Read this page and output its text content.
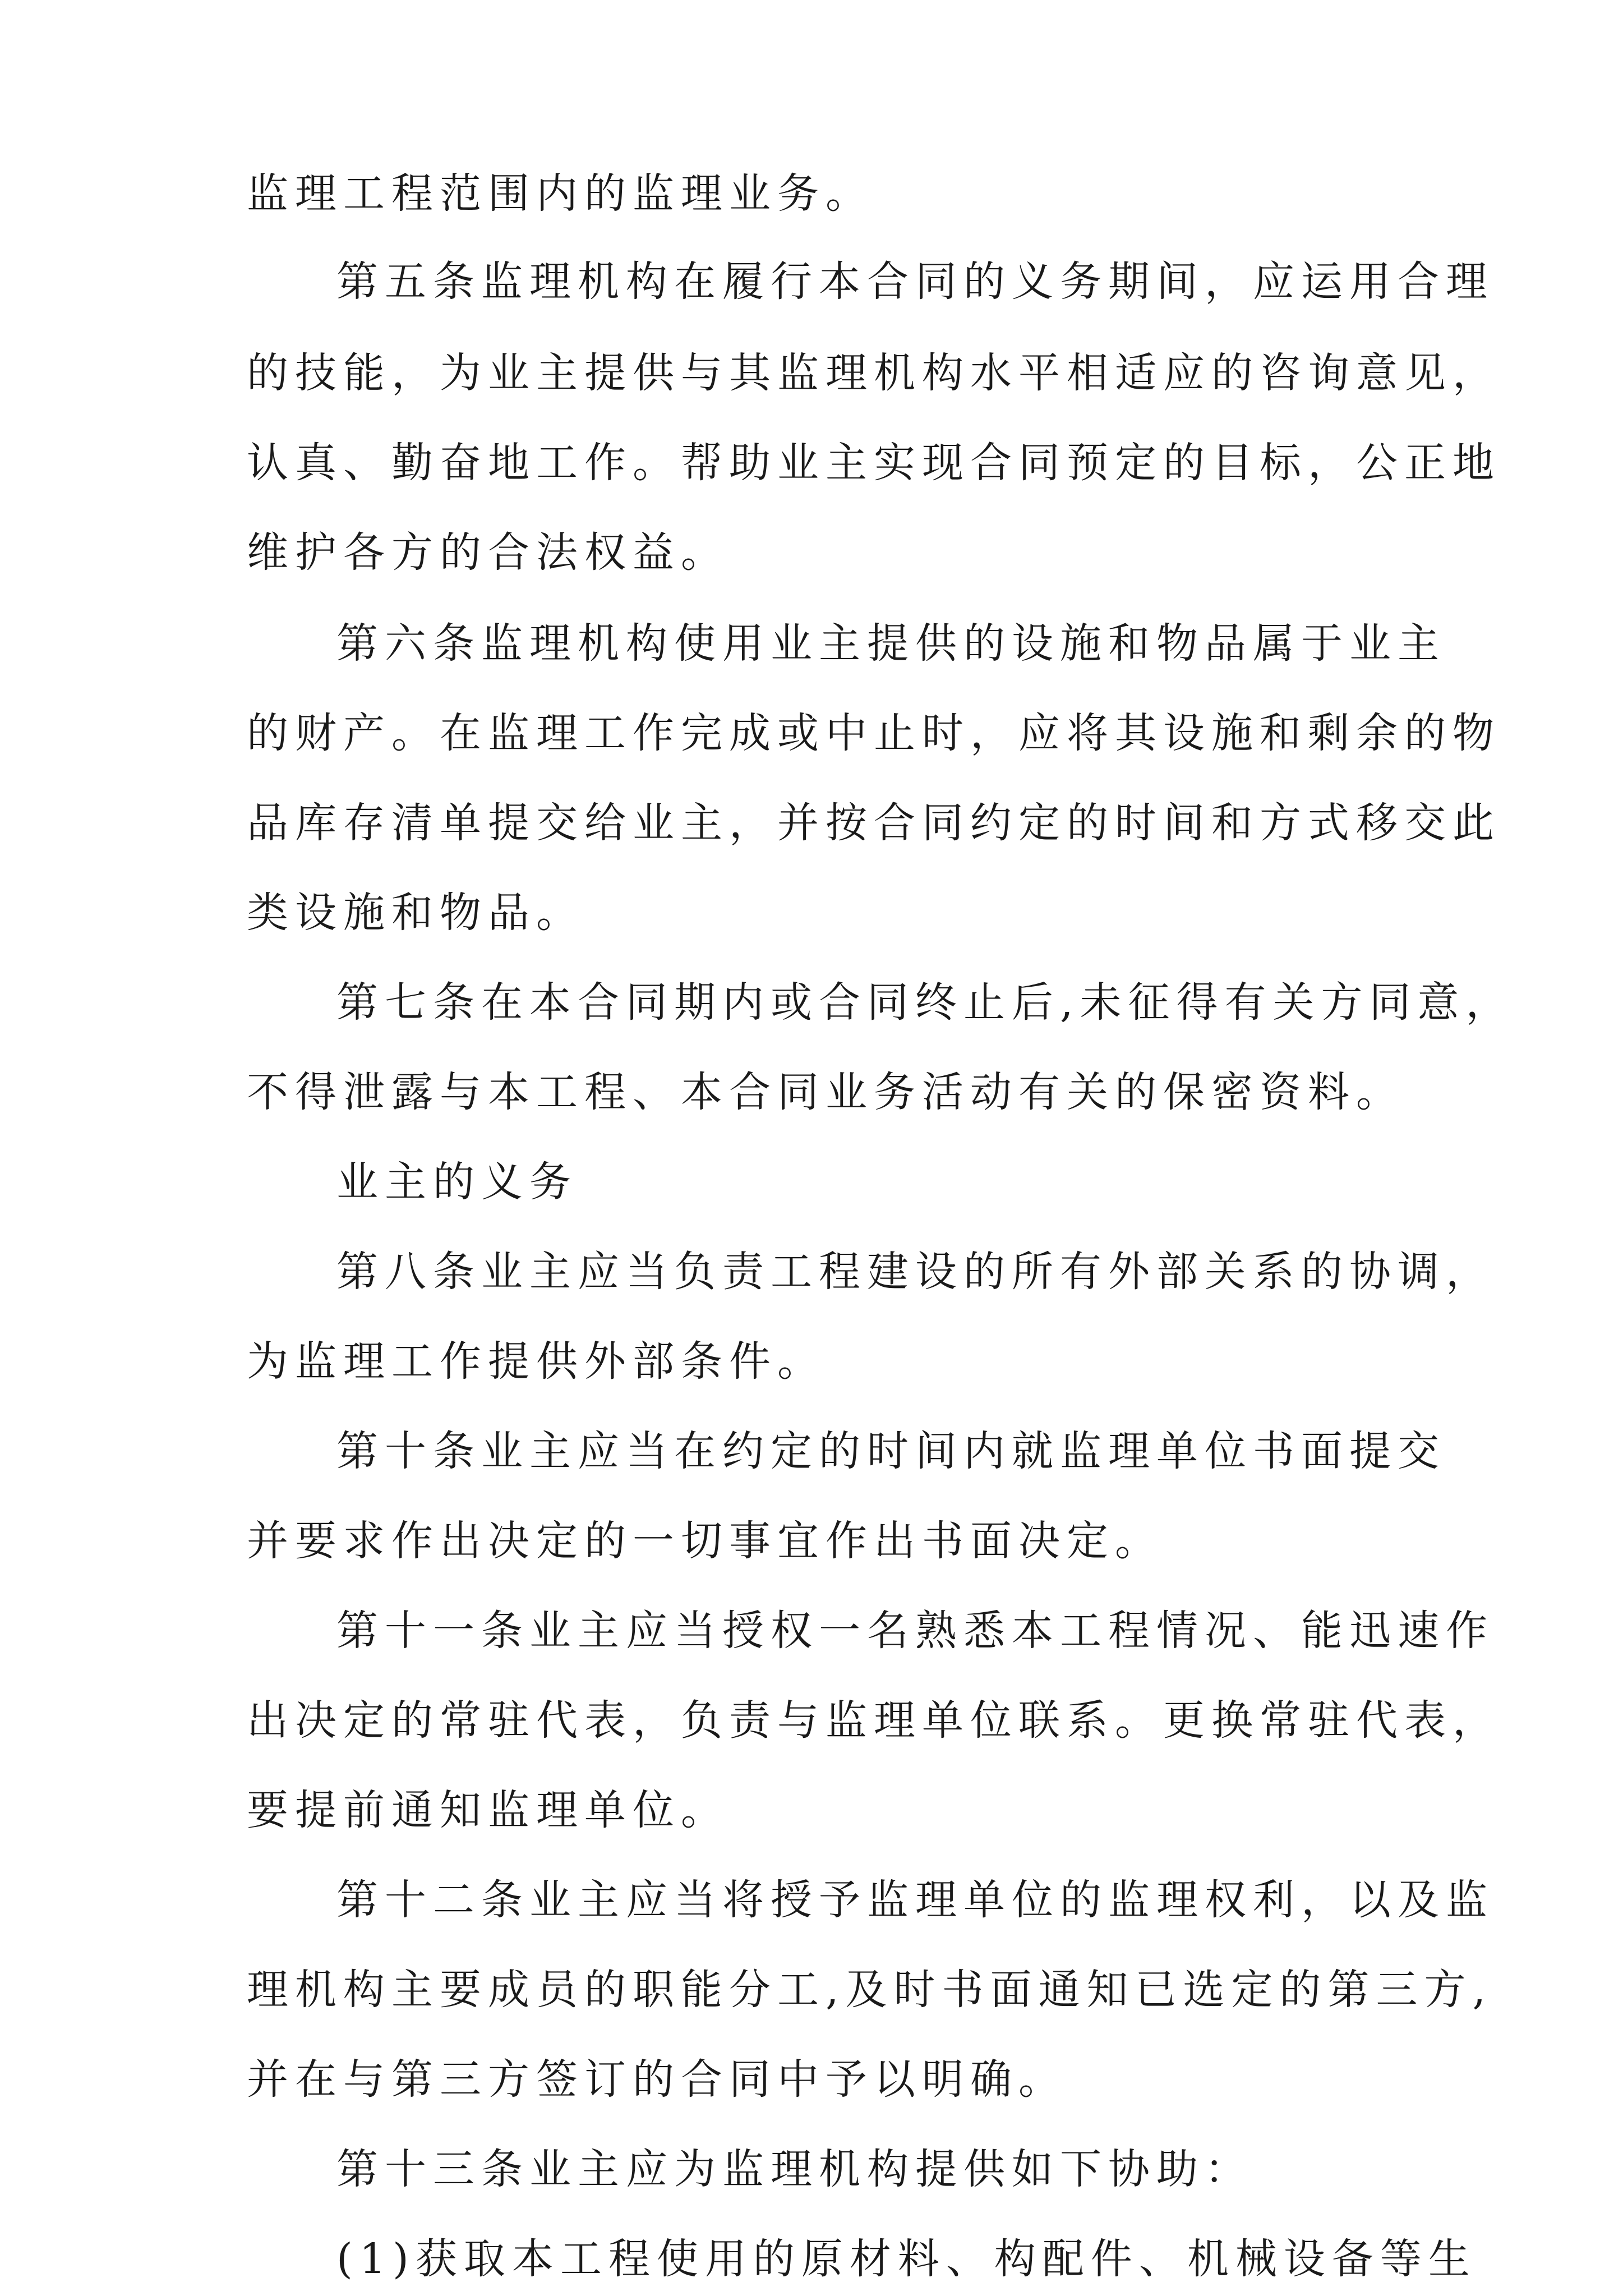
监理工程范围内的监理业务。
第五条监理机构在履行本合同的义务期间，应运用合理
的技能，为业主提供与其监理机构水平相适应的咨询意见，
认真、勤奋地工作。帮助业主实现合同预定的目标，公正地
维护各方的合法权益。
第六条监理机构使用业主提供的设施和物品属于业主
的财产。在监理工作完成或中止时，应将其设施和剩余的物
品库存清单提交给业主，并按合同约定的时间和方式移交此
类设施和物品。
第七条在本合同期内或合同终止后,未征得有关方同意，
不得泄露与本工程、本合同业务活动有关的保密资料。
业主的义务
第八条业主应当负责工程建设的所有外部关系的协调，
为监理工作提供外部条件。
第十条业主应当在约定的时间内就监理单位书面提交
并要求作出决定的一切事宜作出书面决定。
第十一条业主应当授权一名熟悉本工程情况、能迅速作
出决定的常驻代表，负责与监理单位联系。更换常驻代表，
要提前通知监理单位。
第十二条业主应当将授予监理单位的监理权利，以及监
理机构主要成员的职能分工,及时书面通知已选定的第三方,
并在与第三方签订的合同中予以明确。
第十三条业主应为监理机构提供如下协助：
(1)获取本工程使用的原材料、构配件、机械设备等生
